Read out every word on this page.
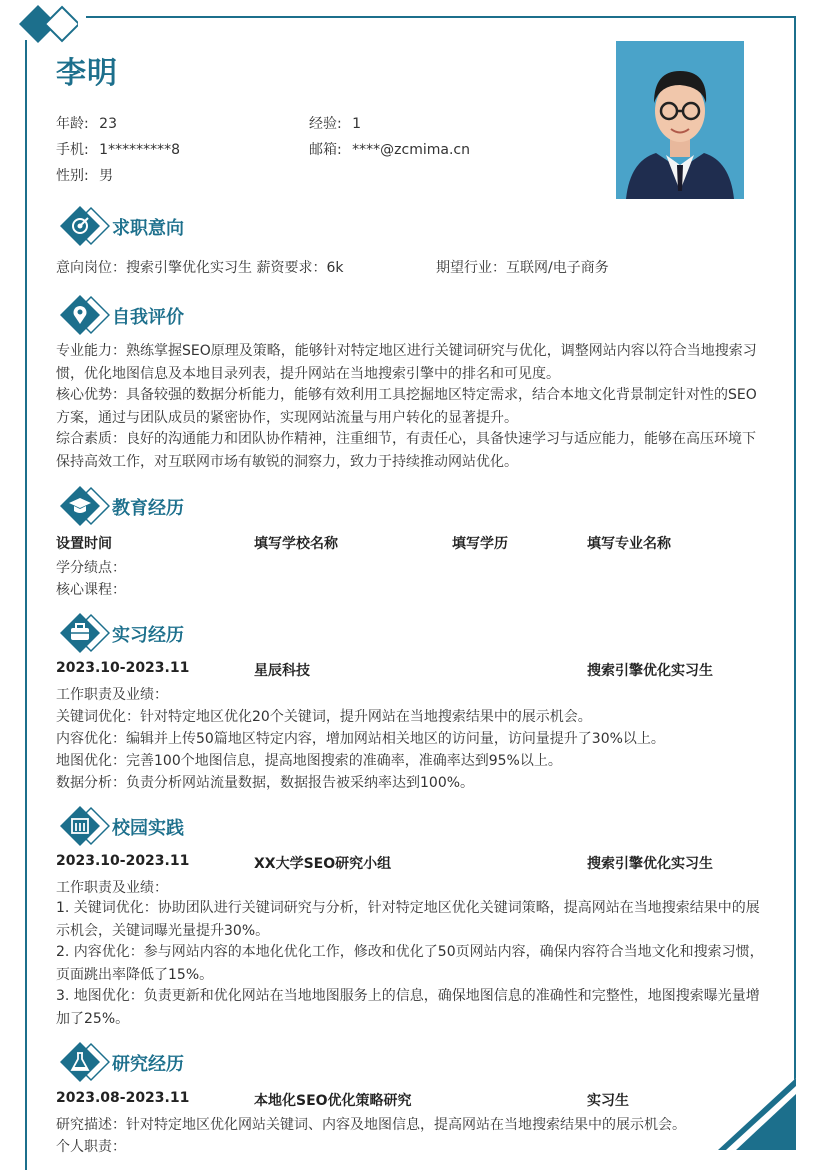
李明
年龄: 23	经验: 1
手机: 1*********8	邮箱: ****@zcmima.cn
性别: 男
求职意向
意向岗位：搜索引擎优化实习生 薪资要求：6k	期望行业：互联网/电子商务
自我评价
专业能力：熟练掌握SEO原理及策略，能够针对特定地区进行关键词研究与优化，调整网站内容以符合当地搜索习惯，优化地图信息及本地目录列表，提升网站在当地搜索引擎中的排名和可见度。
核心优势：具备较强的数据分析能力，能够有效利用工具挖掘地区特定需求，结合本地文化背景制定针对性的SEO方案，通过与团队成员的紧密协作，实现网站流量与用户转化的显著提升。
综合素质：良好的沟通能力和团队协作精神，注重细节，有责任心，具备快速学习与适应能力，能够在高压环境下保持高效工作，对互联网市场有敏锐的洞察力，致力于持续推动网站优化。
教育经历
设置时间	填写学校名称	填写学历	填写专业名称
学分绩点：
核心课程：
实习经历
2023.10-2023.11	星辰科技	搜索引擎优化实习生
工作职责及业绩：
关键词优化：针对特定地区优化20个关键词，提升网站在当地搜索结果中的展示机会。
内容优化：编辑并上传50篇地区特定内容，增加网站相关地区的访问量，访问量提升了30%以上。
地图优化：完善100个地图信息，提高地图搜索的准确率，准确率达到95%以上。
数据分析：负责分析网站流量数据，数据报告被采纳率达到100%。
校园实践
2023.10-2023.11	XX大学SEO研究小组	搜索引擎优化实习生
工作职责及业绩：
1. 关键词优化：协助团队进行关键词研究与分析，针对特定地区优化关键词策略，提高网站在当地搜索结果中的展示机会，关键词曝光量提升30%。
2. 内容优化：参与网站内容的本地化优化工作，修改和优化了50页网站内容，确保内容符合当地文化和搜索习惯，页面跳出率降低了15%。
3. 地图优化：负责更新和优化网站在当地地图服务上的信息，确保地图信息的准确性和完整性，地图搜索曝光量增加了25%。
研究经历
2023.08-2023.11	本地化SEO优化策略研究	实习生
研究描述：针对特定地区优化网站关键词、内容及地图信息，提高网站在当地搜索结果中的展示机会。
个人职责：
